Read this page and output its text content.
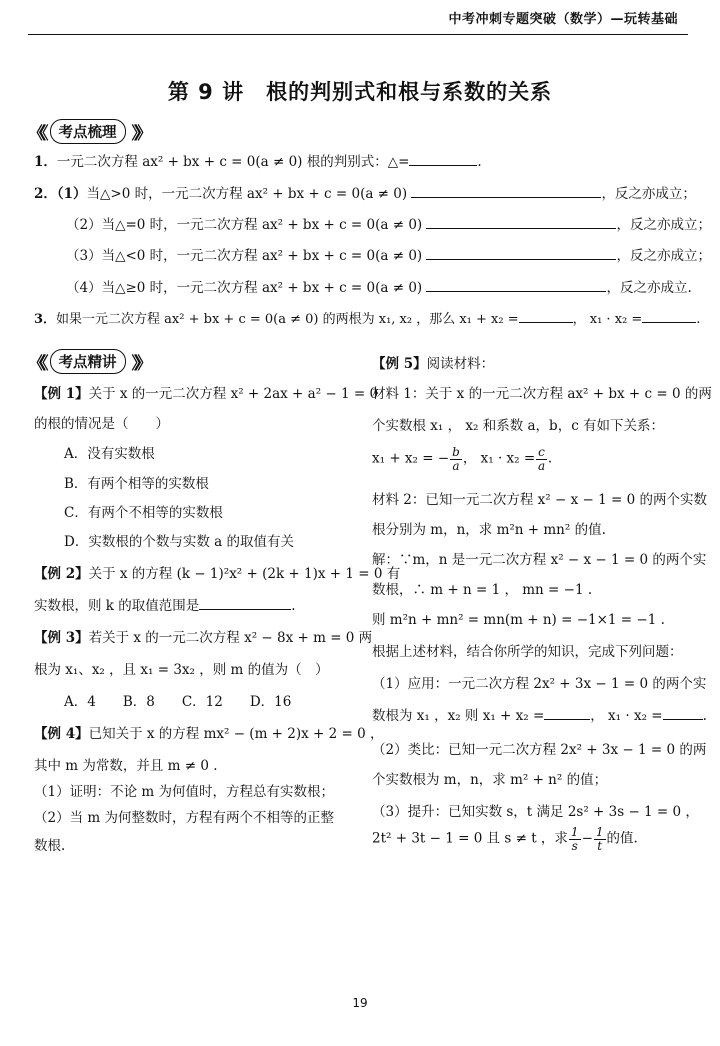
中考冲刺专题突破（数学）—玩转基础
第 9 讲　根的判别式和根与系数的关系
《《	考点梳理 》》
1．一元二次方程 ax² + bx + c = 0(a ≠ 0) 根的判别式：△=	.
2．（1）当△>0 时，一元二次方程 ax² + bx + c = 0(a ≠ 0)	，反之亦成立；
（2）当△=0 时，一元二次方程 ax² + bx + c = 0(a ≠ 0)	，反之亦成立；
（3）当△<0 时，一元二次方程 ax² + bx + c = 0(a ≠ 0)	，反之亦成立；
（4）当△≥0 时，一元二次方程 ax² + bx + c = 0(a ≠ 0)	，反之亦成立.
3．如果一元二次方程 ax² + bx + c = 0(a ≠ 0) 的两根为 x₁, x₂ ，那么 x₁ + x₂ =	， x₁ · x₂ =	.
《《	考点精讲 》》
【例 1】关于 x 的一元二次方程 x² + 2ax + a² − 1 = 0
的根的情况是（　　）
A．没有实数根
B．有两个相等的实数根
C．有两个不相等的实数根
D．实数根的个数与实数 a 的取值有关
【例 2】关于 x 的方程 (k − 1)²x² + (2k + 1)x + 1 = 0 有
实数根，则 k 的取值范围是	.
【例 3】若关于 x 的一元二次方程 x² − 8x + m = 0 两
根为 x₁、x₂ ，且 x₁ = 3x₂ ，则 m 的值为（　）
A．4　　B．8　　C．12　　D．16
【例 4】已知关于 x 的方程 mx² − (m + 2)x + 2 = 0 ，
其中 m 为常数，并且 m ≠ 0 .
（1）证明：不论 m 为何值时，方程总有实数根；
（2）当 m 为何整数时，方程有两个不相等的正整
数根.
【例 5】阅读材料：
材料 1：关于 x 的一元二次方程 ax² + bx + c = 0 的两
个实数根 x₁ ， x₂ 和系数 a，b，c 有如下关系：
x₁ + x₂ = − $\frac{b}{a}$ ， $x_1 \cdot x_2 = \frac{c}{a}$ .
材料 2：已知一元二次方程 x² − x − 1 = 0 的两个实数
根分别为 m，n，求 m²n + mn² 的值.
解：∵m，n 是一元二次方程 x² − x − 1 = 0 的两个实
数根，∴ m + n = 1 ， mn = −1 .
则 m²n + mn² = mn(m + n) = −1×1 = −1 .
根据上述材料，结合你所学的知识，完成下列问题：
（1）应用：一元二次方程 2x² + 3x − 1 = 0 的两个实
数根为 x₁ ，x₂ 则 x₁ + x₂ =	， x₁ · x₂ =	.
（2）类比：已知一元二次方程 2x² + 3x − 1 = 0 的两
个实数根为 m，n，求 m² + n² 的值；
（3）提升：已知实数 s，t 满足 2s² + 3s − 1 = 0 ，
2t² + 3t − 1 = 0 且 s ≠ t ，求 $\frac{1}{s} - \frac{1}{t}$ 的值.
19
